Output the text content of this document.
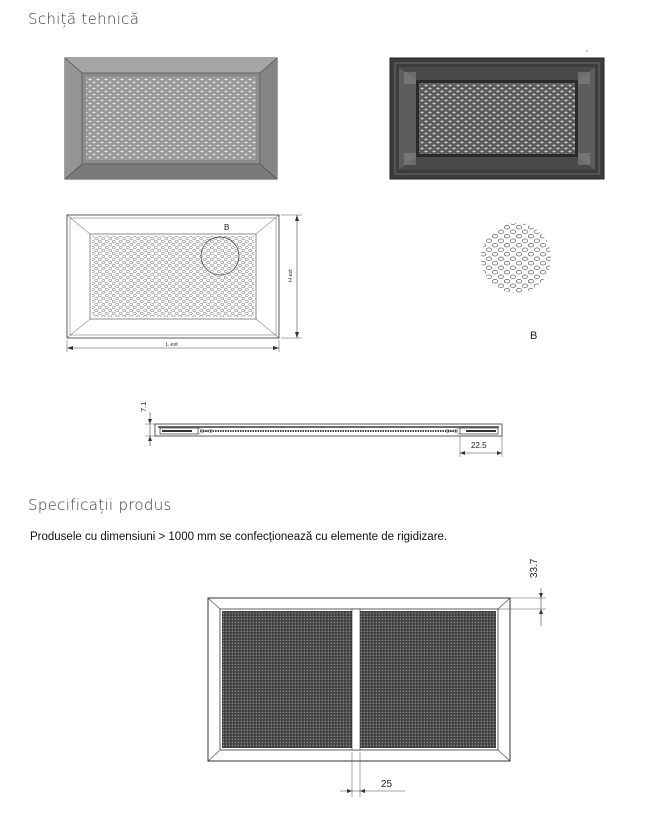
Schiță tehnică
B
B
H ext
L ext
7.1
22.5
33.7
25
Specificații produs
Produsele cu dimensiuni > 1000 mm se confecționează cu elemente de rigidizare.
